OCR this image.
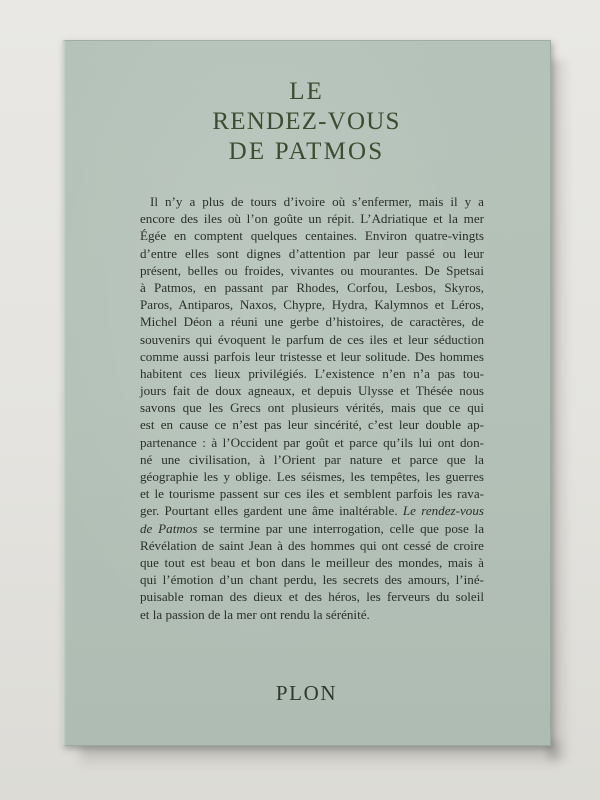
LE

RENDEZ-VOUS

DE PATMOS

Il n’y a plus de tours d’ivoire où s’enfermer, mais il y a
encore des iles où l’on goûte un répit. L’Adriatique et la mer
Égée en comptent quelques centaines. Environ quatre-vingts
d’entre elles sont dignes d’attention par leur passé ou leur
présent, belles ou froides, vivantes ou mourantes. De Spetsai
à Patmos, en passant par Rhodes, Corfou, Lesbos, Skyros,
Paros, Antiparos, Naxos, Chypre, Hydra, Kalymnos et Léros,
Michel Déon a réuni une gerbe d’histoires, de caractères, de
souvenirs qui évoquent le parfum de ces iles et leur séduction
comme aussi parfois leur tristesse et leur solitude. Des hommes
habitent ces lieux privilégiés. L’existence n’en n’a pas tou-
jours fait de doux agneaux, et depuis Ulysse et Thésée nous
savons que les Grecs ont plusieurs vérités, mais que ce qui
est en cause ce n’est pas leur sincérité, c’est leur double ap-
partenance : à l’Occident par goût et parce qu’ils lui ont don-
né une civilisation, à l’Orient par nature et parce que la
géographie les y oblige. Les séismes, les tempêtes, les guerres
et le tourisme passent sur ces iles et semblent parfois les rava-
ger. Pourtant elles gardent une âme inaltérable. Le rendez-vous
de Patmos se termine par une interrogation, celle que pose la
Révélation de saint Jean à des hommes qui ont cessé de croire
que tout est beau et bon dans le meilleur des mondes, mais à
qui l’émotion d’un chant perdu, les secrets des amours, l’iné-
puisable roman des dieux et des héros, les ferveurs du soleil
et la passion de la mer ont rendu la sérénité.

PLON
